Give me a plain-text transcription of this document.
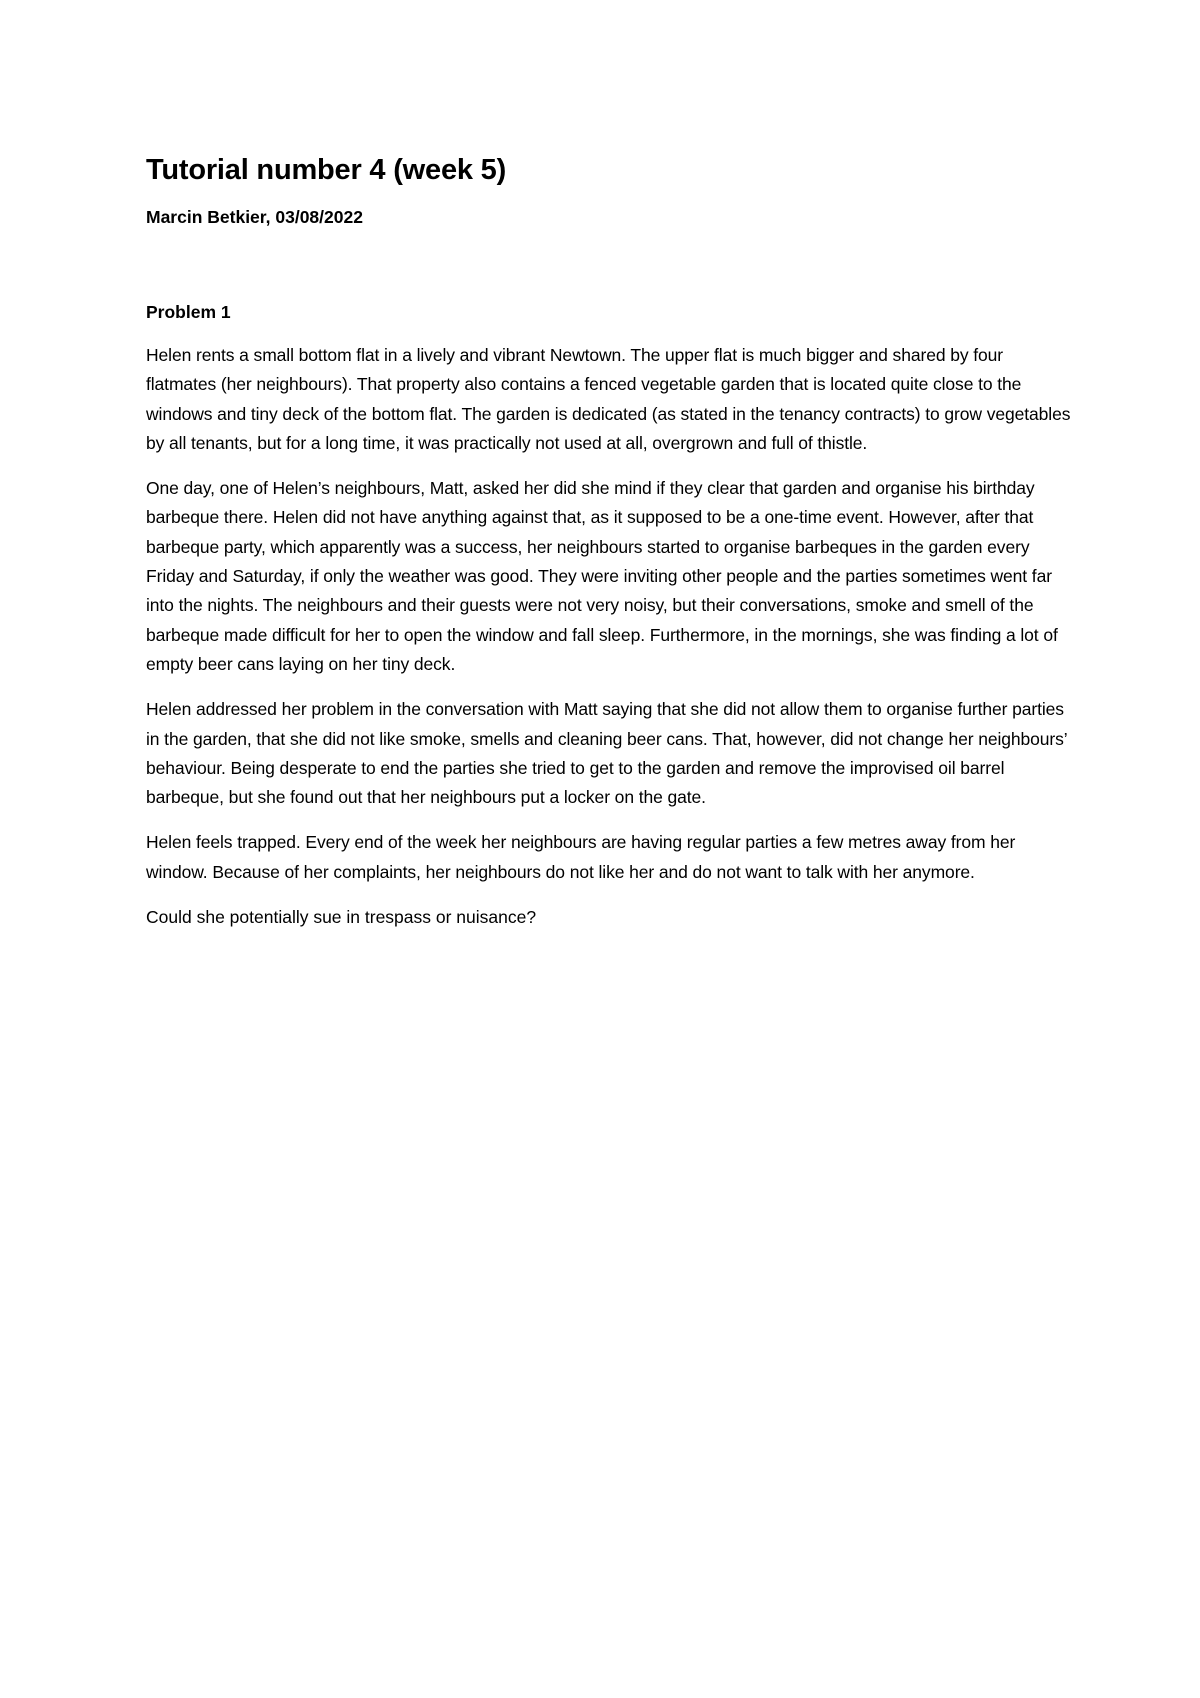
Tutorial number 4 (week 5)

Marcin Betkier, 03/08/2022

Problem 1

Helen rents a small bottom flat in a lively and vibrant Newtown. The upper flat is much bigger and shared by four flatmates (her neighbours). That property also contains a fenced vegetable garden that is located quite close to the windows and tiny deck of the bottom flat. The garden is dedicated (as stated in the tenancy contracts) to grow vegetables by all tenants, but for a long time, it was practically not used at all, overgrown and full of thistle.

One day, one of Helen’s neighbours, Matt, asked her did she mind if they clear that garden and organise his birthday barbeque there. Helen did not have anything against that, as it supposed to be a one-time event. However, after that barbeque party, which apparently was a success, her neighbours started to organise barbeques in the garden every Friday and Saturday, if only the weather was good. They were inviting other people and the parties sometimes went far into the nights. The neighbours and their guests were not very noisy, but their conversations, smoke and smell of the barbeque made difficult for her to open the window and fall sleep. Furthermore, in the mornings, she was finding a lot of empty beer cans laying on her tiny deck.

Helen addressed her problem in the conversation with Matt saying that she did not allow them to organise further parties in the garden, that she did not like smoke, smells and cleaning beer cans. That, however, did not change her neighbours’ behaviour. Being desperate to end the parties she tried to get to the garden and remove the improvised oil barrel barbeque, but she found out that her neighbours put a locker on the gate.

Helen feels trapped. Every end of the week her neighbours are having regular parties a few metres away from her window. Because of her complaints, her neighbours do not like her and do not want to talk with her anymore.

Could she potentially sue in trespass or nuisance?
